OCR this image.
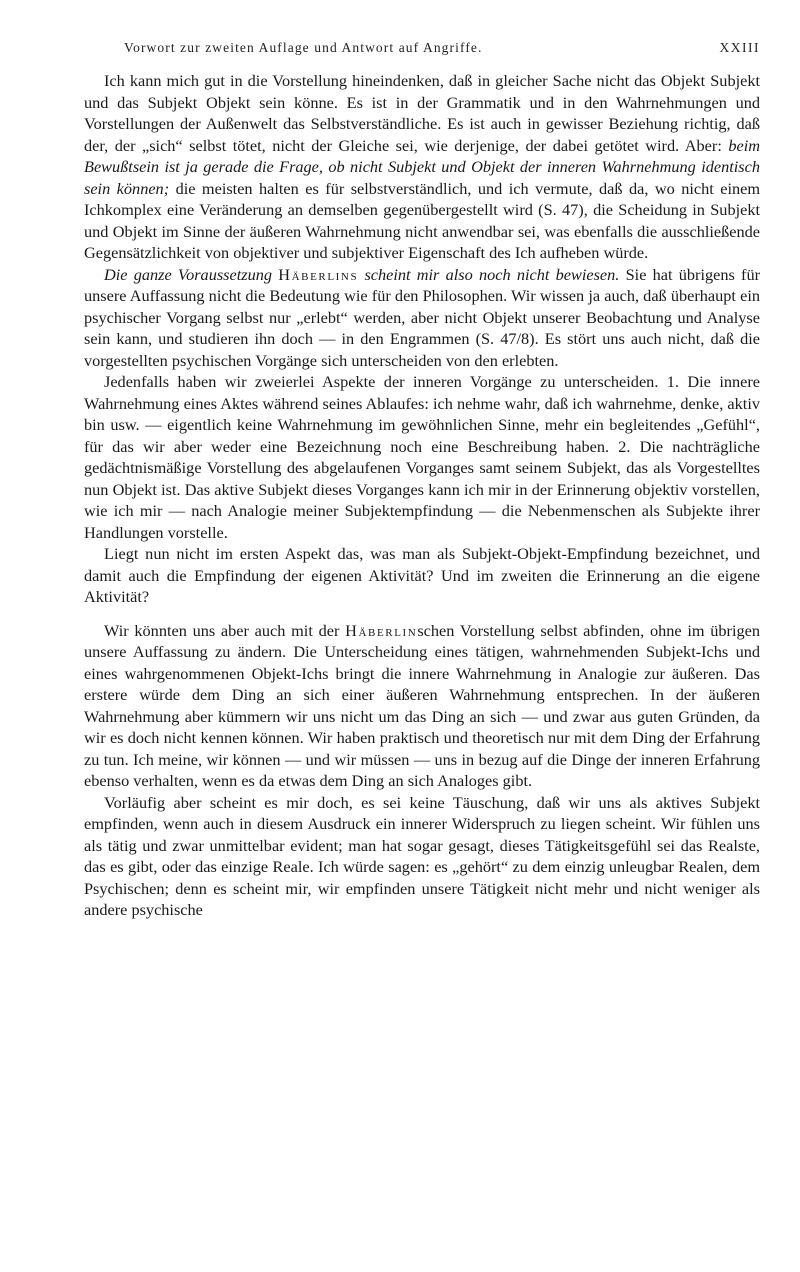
Vorwort zur zweiten Auflage und Antwort auf Angriffe.	XXIII

Ich kann mich gut in die Vorstellung hineindenken, daß in gleicher Sache nicht das Objekt Subjekt und das Subjekt Objekt sein könne. Es ist in der Grammatik und in den Wahrnehmungen und Vorstellungen der Außenwelt das Selbstverständliche. Es ist auch in gewisser Beziehung richtig, daß der, der „sich“ selbst tötet, nicht der Gleiche sei, wie derjenige, der dabei getötet wird. Aber: beim Bewußtsein ist ja gerade die Frage, ob nicht Subjekt und Objekt der inneren Wahrnehmung identisch sein können; die meisten halten es für selbstverständlich, und ich vermute, daß da, wo nicht einem Ichkomplex eine Veränderung an demselben gegenübergestellt wird (S. 47), die Scheidung in Subjekt und Objekt im Sinne der äußeren Wahrnehmung nicht anwendbar sei, was ebenfalls die ausschließende Gegensätzlichkeit von objektiver und subjektiver Eigenschaft des Ich aufheben würde.

Die ganze Voraussetzung Häberlins scheint mir also noch nicht bewiesen. Sie hat übrigens für unsere Auffassung nicht die Bedeutung wie für den Philosophen. Wir wissen ja auch, daß überhaupt ein psychischer Vorgang selbst nur „erlebt“ werden, aber nicht Objekt unserer Beobachtung und Analyse sein kann, und studieren ihn doch — in den Engrammen (S. 47/8). Es stört uns auch nicht, daß die vorgestellten psychischen Vorgänge sich unterscheiden von den erlebten.

Jedenfalls haben wir zweierlei Aspekte der inneren Vorgänge zu unterscheiden. 1. Die innere Wahrnehmung eines Aktes während seines Ablaufes: ich nehme wahr, daß ich wahrnehme, denke, aktiv bin usw. — eigentlich keine Wahrnehmung im gewöhnlichen Sinne, mehr ein begleitendes „Gefühl“, für das wir aber weder eine Bezeichnung noch eine Beschreibung haben. 2. Die nachträgliche gedächtnismäßige Vorstellung des abgelaufenen Vorganges samt seinem Subjekt, das als Vorgestelltes nun Objekt ist. Das aktive Subjekt dieses Vorganges kann ich mir in der Erinnerung objektiv vorstellen, wie ich mir — nach Analogie meiner Subjektempfindung — die Nebenmenschen als Subjekte ihrer Handlungen vorstelle.

Liegt nun nicht im ersten Aspekt das, was man als Subjekt-Objekt-Empfindung bezeichnet, und damit auch die Empfindung der eigenen Aktivität? Und im zweiten die Erinnerung an die eigene Aktivität?

Wir könnten uns aber auch mit der Häberlinschen Vorstellung selbst abfinden, ohne im übrigen unsere Auffassung zu ändern. Die Unterscheidung eines tätigen, wahrnehmenden Subjekt-Ichs und eines wahrgenommenen Objekt-Ichs bringt die innere Wahrnehmung in Analogie zur äußeren. Das erstere würde dem Ding an sich einer äußeren Wahrnehmung entsprechen. In der äußeren Wahrnehmung aber kümmern wir uns nicht um das Ding an sich — und zwar aus guten Gründen, da wir es doch nicht kennen können. Wir haben praktisch und theoretisch nur mit dem Ding der Erfahrung zu tun. Ich meine, wir können — und wir müssen — uns in bezug auf die Dinge der inneren Erfahrung ebenso verhalten, wenn es da etwas dem Ding an sich Analoges gibt.

Vorläufig aber scheint es mir doch, es sei keine Täuschung, daß wir uns als aktives Subjekt empfinden, wenn auch in diesem Ausdruck ein innerer Widerspruch zu liegen scheint. Wir fühlen uns als tätig und zwar unmittelbar evident; man hat sogar gesagt, dieses Tätigkeitsgefühl sei das Realste, das es gibt, oder das einzige Reale. Ich würde sagen: es „gehört“ zu dem einzig unleugbar Realen, dem Psychischen; denn es scheint mir, wir empfinden unsere Tätigkeit nicht mehr und nicht weniger als andere psychische
